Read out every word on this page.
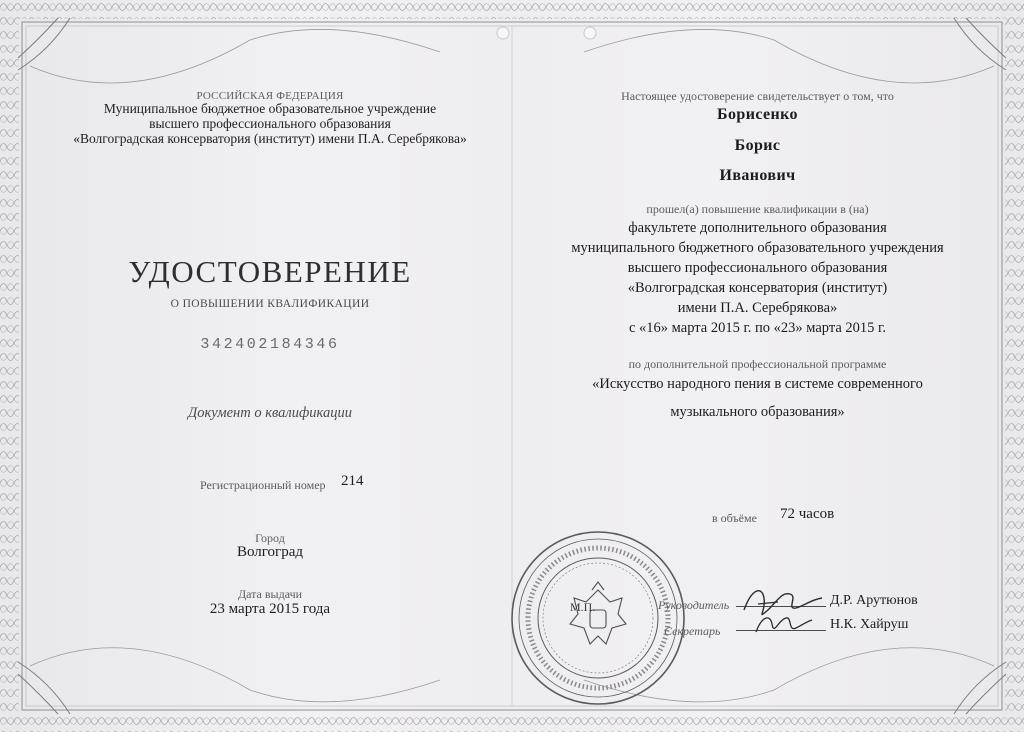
РОССИЙСКАЯ ФЕДЕРАЦИЯ
Муниципальное бюджетное образовательное учреждение
высшего профессионального образования
«Волгоградская консерватория (институт) имени П.А. Серебрякова»
УДОСТОВЕРЕНИЕ
О ПОВЫШЕНИИ КВАЛИФИКАЦИИ
342402184346
Документ о квалификации
Регистрационный номер 214
Город
Волгоград
Дата выдачи
23 марта 2015 года
Настоящее удостоверение свидетельствует о том, что
Борисенко
Борис
Иванович
прошел(а) повышение квалификации в (на)
факультете дополнительного образования
муниципального бюджетного образовательного учреждения
высшего профессионального образования
«Волгоградская консерватория (институт)
имени П.А. Серебрякова»
с «16» марта 2015 г. по «23» марта 2015 г.
по дополнительной профессиональной программе
«Искусство народного пения в системе современного
музыкального образования»
в объёме 72 часов
М.П.	Руководитель	Д.Р. Арутюнов
Секретарь	Н.К. Хайруш
